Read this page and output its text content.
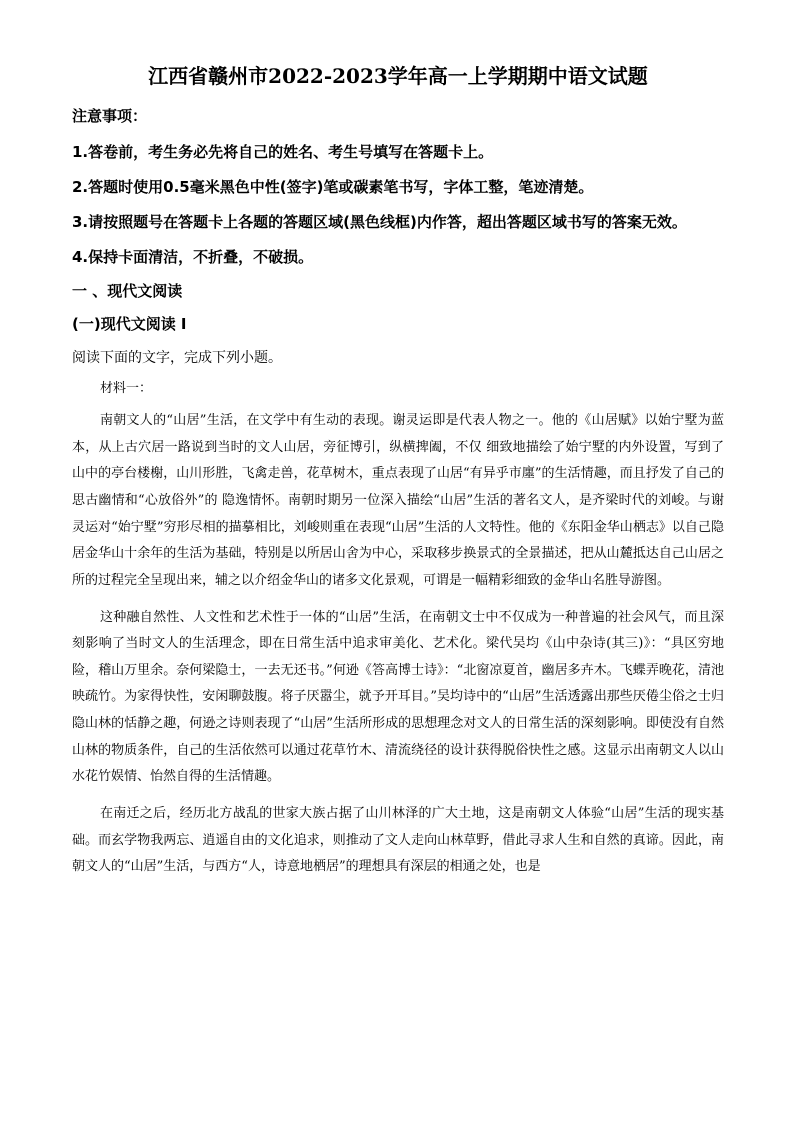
江西省赣州市2022-2023学年高一上学期期中语文试题
注意事项：
1.答卷前，考生务必先将自己的姓名、考生号填写在答题卡上。
2.答题时使用0.5毫米黑色中性(签字)笔或碳素笔书写，字体工整，笔迹清楚。
3.请按照题号在答题卡上各题的答题区域(黑色线框)内作答，超出答题区域书写的答案无效。
4.保持卡面清洁，不折叠，不破损。
一 、现代文阅读
(一)现代文阅读 I
阅读下面的文字，完成下列小题。
材料一：

南朝文人的“山居”生活，在文学中有生动的表现。谢灵运即是代表人物之一。他的《山居赋》以始宁墅为蓝本，从上古穴居一路说到当时的文人山居，旁征博引，纵横捭阖，不仅 细致地描绘了始宁墅的内外设置，写到了山中的亭台楼榭，山川形胜，飞禽走兽，花草树木，重点表现了山居“有异乎市廛”的生活情趣，而且抒发了自己的思古幽情和“心放俗外”的 隐逸情怀。南朝时期另一位深入描绘“山居”生活的著名文人，是齐梁时代的刘峻。与谢灵运对“始宁墅”穷形尽相的描摹相比，刘峻则重在表现“山居”生活的人文特性。他的《东阳金华山栖志》以自己隐居金华山十余年的生活为基础，特别是以所居山舍为中心，采取移步换景式的全景描述，把从山麓抵达自己山居之所的过程完全呈现出来，辅之以介绍金华山的诸多文化景观，可谓是一幅精彩细致的金华山名胜导游图。

这种融自然性、人文性和艺术性于一体的“山居”生活，在南朝文士中不仅成为一种普遍的社会风气，而且深刻影响了当时文人的生活理念，即在日常生活中追求审美化、艺术化。梁代吴均《山中杂诗(其三)》：“具区穷地险，稽山万里余。奈何梁隐士，一去无还书。”何逊《答高博士诗》：“北窗凉夏首，幽居多卉木。飞蝶弄晚花，清池映疏竹。为家得快性，安闲聊鼓腹。将子厌嚣尘，就予开耳目。”吴均诗中的“山居”生活透露出那些厌倦尘俗之士归隐山林的恬静之趣，何逊之诗则表现了“山居”生活所形成的思想理念对文人的日常生活的深刻影响。即使没有自然山林的物质条件，自己的生活依然可以通过花草竹木、清流绕径的设计获得脱俗快性之感。这显示出南朝文人以山水花竹娱情、怡然自得的生活情趣。

在南迁之后，经历北方战乱的世家大族占据了山川林泽的广大土地，这是南朝文人体验“山居”生活的现实基础。而玄学物我两忘、逍遥自由的文化追求，则推动了文人走向山林草野，借此寻求人生和自然的真谛。因此，南朝文人的“山居”生活，与西方“人，诗意地栖居”的理想具有深层的相通之处，也是
